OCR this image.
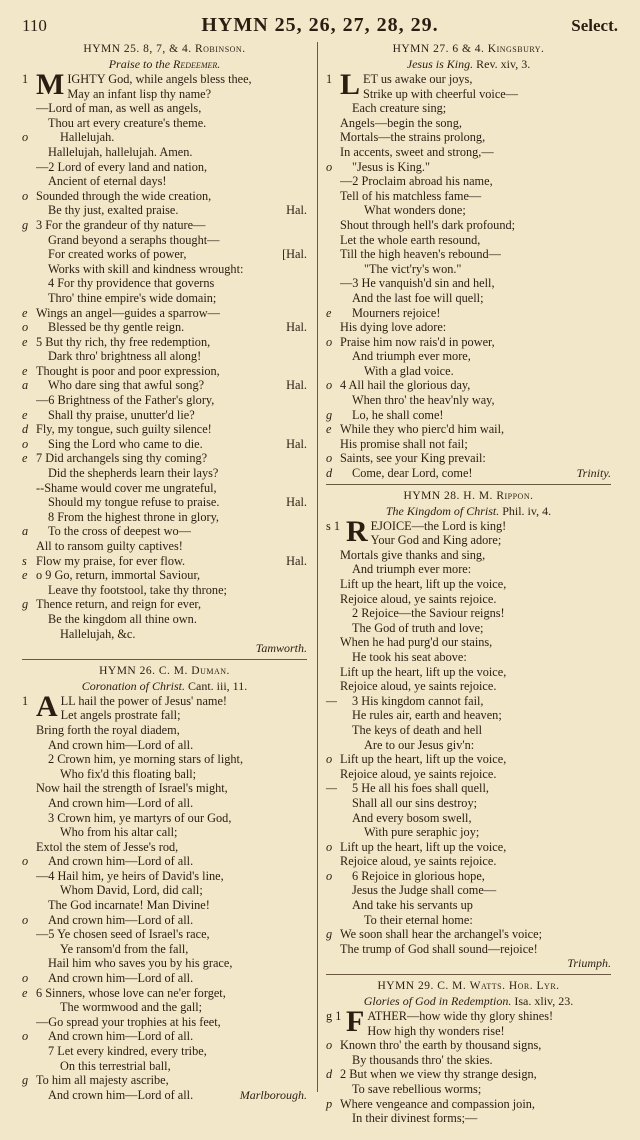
110	HYMN 25, 26, 27, 28, 29.	Select.
HYMN 25. 8, 7, & 4. Robinson.
Praise to the Redeemer.
1 M IGHTY God, while angels bless thee,
May an infant lisp thy name?
—Lord of man, as well as angels,
Thou art every creature's theme.
o	Hallelujah.
Hallelujah, hallelujah. Amen.
—2 Lord of every land and nation,
Ancient of eternal days!
o Sounded through the wide creation,
Be thy just, exalted praise.	Hal.
g 3 For the grandeur of thy nature—
Grand beyond a seraphs thought—
For created works of power,	[Hal.
Works with skill and kindness wrought:
4 For thy providence that governs
Thro' thine empire's wide domain;
e Wings an angel—guides a sparrow—
o	Blessed be thy gentle reign.	Hal.
e 5 But thy rich, thy free redemption,
Dark thro' brightness all along!
e Thought is poor and poor expression,
a	Who dare sing that awful song?	Hal.
—6 Brightness of the Father's glory,
e	Shall thy praise, unutter'd lie?
d Fly, my tongue, such guilty silence!
o	Sing the Lord who came to die.	Hal.
e 7 Did archangels sing thy coming?
Did the shepherds learn their lays?
--Shame would cover me ungrateful,
Should my tongue refuse to praise.	Hal.
8 From the highest throne in glory,
a	To the cross of deepest wo—
All to ransom guilty captives!
s Flow my praise, for ever flow.	Hal.
e o 9 Go, return, immortal Saviour,
Leave thy footstool, take thy throne;
g Thence return, and reign for ever,
Be the kingdom all thine own.
Hallelujah, &c.
Tamworth.
HYMN 26. C. M. Duman.
Coronation of Christ. Cant. iii, 11.
1 A LL hail the power of Jesus' name!
Let angels prostrate fall;
Bring forth the royal diadem,
And crown him—Lord of all.
2 Crown him, ye morning stars of light,
Who fix'd this floating ball;
Now hail the strength of Israel's might,
And crown him—Lord of all.
3 Crown him, ye martyrs of our God,
Who from his altar call;
Extol the stem of Jesse's rod,
o	And crown him—Lord of all.
—4 Hail him, ye heirs of David's line,
Whom David, Lord, did call;
The God incarnate! Man Divine!
o	And crown him—Lord of all.
—5 Ye chosen seed of Israel's race,
Ye ransom'd from the fall,
Hail him who saves you by his grace,
o	And crown him—Lord of all.
e 6 Sinners, whose love can ne'er forget,
The wormwood and the gall;
—Go spread your trophies at his feet,
o	And crown him—Lord of all.
7 Let every kindred, every tribe,
On this terrestrial ball,
g To him all majesty ascribe,
And crown him—Lord of all.	Marlborough.
HYMN 27. 6 & 4. Kingsbury.
Jesus is King. Rev. xiv, 3.
1 L ET us awake our joys,
Strike up with cheerful voice—
Each creature sing;
Angels—begin the song,
Mortals—the strains prolong,
In accents, sweet and strong,—
o	"Jesus is King."
—2 Proclaim abroad his name,
Tell of his matchless fame—
What wonders done;
Shout through hell's dark profound;
Let the whole earth resound,
Till the high heaven's rebound—
"The vict'ry's won."
—3 He vanquish'd sin and hell,
And the last foe will quell;
e	Mourners rejoice!
His dying love adore:
o Praise him now rais'd in power,
And triumph ever more,
With a glad voice.
o 4 All hail the glorious day,
When thro' the heav'nly way,
g	Lo, he shall come!
e While they who pierc'd him wail,
His promise shall not fail;
o Saints, see your King prevail:
d	Come, dear Lord, come!	Trinity.
HYMN 28. H. M. Rippon.
The Kingdom of Christ. Phil. iv, 4.
s 1 R EJOICE—the Lord is king!
Your God and King adore;
Mortals give thanks and sing,
And triumph ever more:
Lift up the heart, lift up the voice,
Rejoice aloud, ye saints rejoice.
2 Rejoice—the Saviour reigns!
The God of truth and love;
When he had purg'd our stains,
He took his seat above:
Lift up the heart, lift up the voice,
Rejoice aloud, ye saints rejoice.
—	3 His kingdom cannot fail,
He rules air, earth and heaven;
The keys of death and hell
Are to our Jesus giv'n:
o Lift up the heart, lift up the voice,
Rejoice aloud, ye saints rejoice.
—	5 He all his foes shall quell,
Shall all our sins destroy;
And every bosom swell,
With pure seraphic joy;
o Lift up the heart, lift up the voice,
Rejoice aloud, ye saints rejoice.
o	6 Rejoice in glorious hope,
Jesus the Judge shall come—
And take his servants up
To their eternal home:
g We soon shall hear the archangel's voice;
The trump of God shall sound—rejoice!
Triumph.
HYMN 29. C. M. Watts. Hor. Lyr.
Glories of God in Redemption. Isa. xliv, 23.
g 1 F ATHER—how wide thy glory shines!
How high thy wonders rise!
o Known thro' the earth by thousand signs,
By thousands thro' the skies.
d 2 But when we view thy strange design,
To save rebellious worms;
p Where vengeance and compassion join,
In their divinest forms;—
